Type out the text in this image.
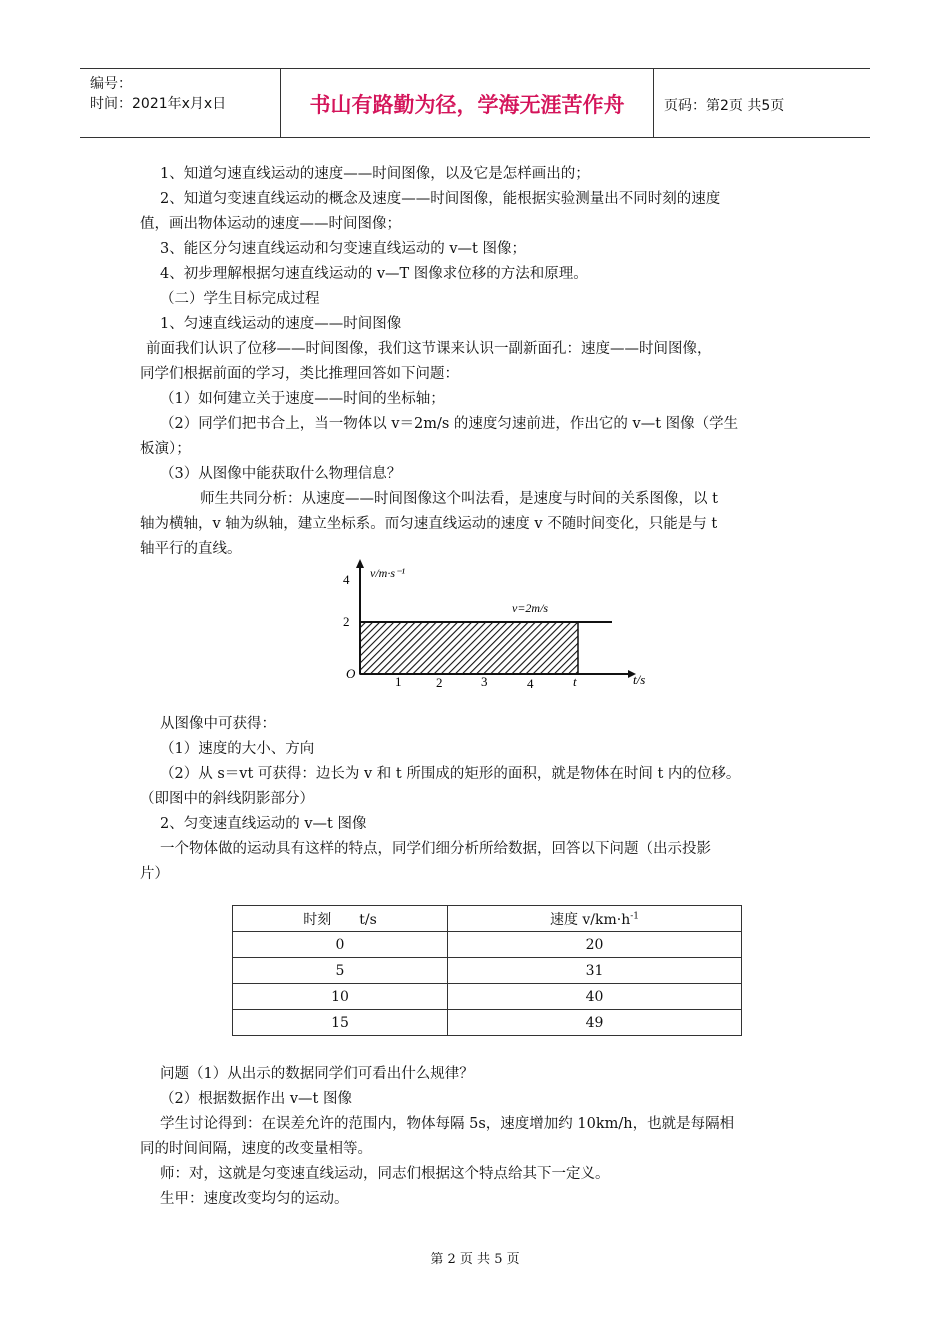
编号：
时间：2021年x月x日	书山有路勤为径，学海无涯苦作舟	页码：第2页 共5页
1、知道匀速直线运动的速度——时间图像，以及它是怎样画出的；
2、知道匀变速直线运动的概念及速度——时间图像，能根据实验测量出不同时刻的速度
值，画出物体运动的速度——时间图像；
3、能区分匀速直线运动和匀变速直线运动的 v—t 图像；
4、初步理解根据匀速直线运动的 v—T 图像求位移的方法和原理。
（二）学生目标完成过程
1、匀速直线运动的速度——时间图像
前面我们认识了位移——时间图像，我们这节课来认识一副新面孔：速度——时间图像，
同学们根据前面的学习，类比推理回答如下问题：
（1）如何建立关于速度——时间的坐标轴；
（2）同学们把书合上，当一物体以 v＝2m/s 的速度匀速前进，作出它的 v—t 图像（学生
板演）；
（3）从图像中能获取什么物理信息？
师生共同分析：从速度——时间图像这个叫法看，是速度与时间的关系图像，以 t
轴为横轴，v 轴为纵轴，建立坐标系。而匀速直线运动的速度 v 不随时间变化，只能是与 t
轴平行的直线。
v/m·s⁻¹
4
2
O
1	2	3	4	t	t/s
v=2m/s
从图像中可获得：
（1）速度的大小、方向
（2）从 s＝vt 可获得：边长为 v 和 t 所围成的矩形的面积，就是物体在时间 t 内的位移。
（即图中的斜线阴影部分）
2、匀变速直线运动的 v—t 图像
一个物体做的运动具有这样的特点，同学们细分析所给数据，回答以下问题（出示投影
片）
时刻　　t/s	速度 $v/km\cdot h^{-1}$
0	20
5	31
10	40
15	49
问题（1）从出示的数据同学们可看出什么规律？
（2）根据数据作出 v—t 图像
学生讨论得到：在误差允许的范围内，物体每隔 5s，速度增加约 10km/h，也就是每隔相
同的时间间隔，速度的改变量相等。
师：对，这就是匀变速直线运动，同志们根据这个特点给其下一定义。
生甲：速度改变均匀的运动。
第 2 页 共 5 页
